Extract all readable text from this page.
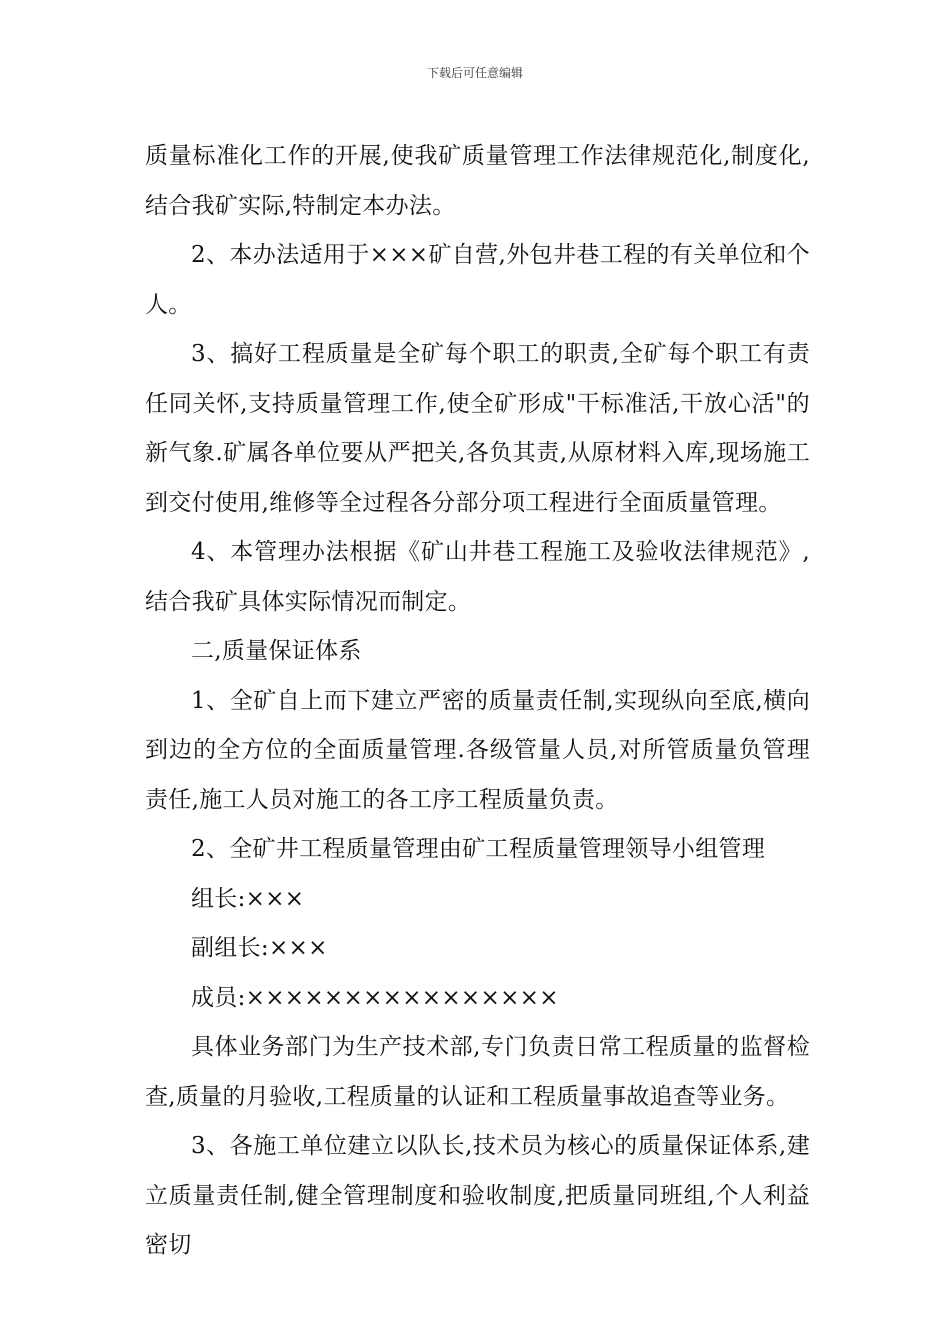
下载后可任意编辑

质量标准化工作的开展,使我矿质量管理工作法律规范化,制度化,结合我矿实际,特制定本办法。

2、本办法适用于×××矿自营,外包井巷工程的有关单位和个人。

3、搞好工程质量是全矿每个职工的职责,全矿每个职工有责任同关怀,支持质量管理工作,使全矿形成"干标准活,干放心活"的新气象.矿属各单位要从严把关,各负其责,从原材料入库,现场施工到交付使用,维修等全过程各分部分项工程进行全面质量管理。

4、本管理办法根据《矿山井巷工程施工及验收法律规范》,结合我矿具体实际情况而制定。

二,质量保证体系

1、全矿自上而下建立严密的质量责任制,实现纵向至底,横向到边的全方位的全面质量管理.各级管量人员,对所管质量负管理责任,施工人员对施工的各工序工程质量负责。

2、全矿井工程质量管理由矿工程质量管理领导小组管理

组长:×××

副组长:×××

成员:××××××××××××××××

具体业务部门为生产技术部,专门负责日常工程质量的监督检查,质量的月验收,工程质量的认证和工程质量事故追查等业务。

3、各施工单位建立以队长,技术员为核心的质量保证体系,建立质量责任制,健全管理制度和验收制度,把质量同班组,个人利益密切
